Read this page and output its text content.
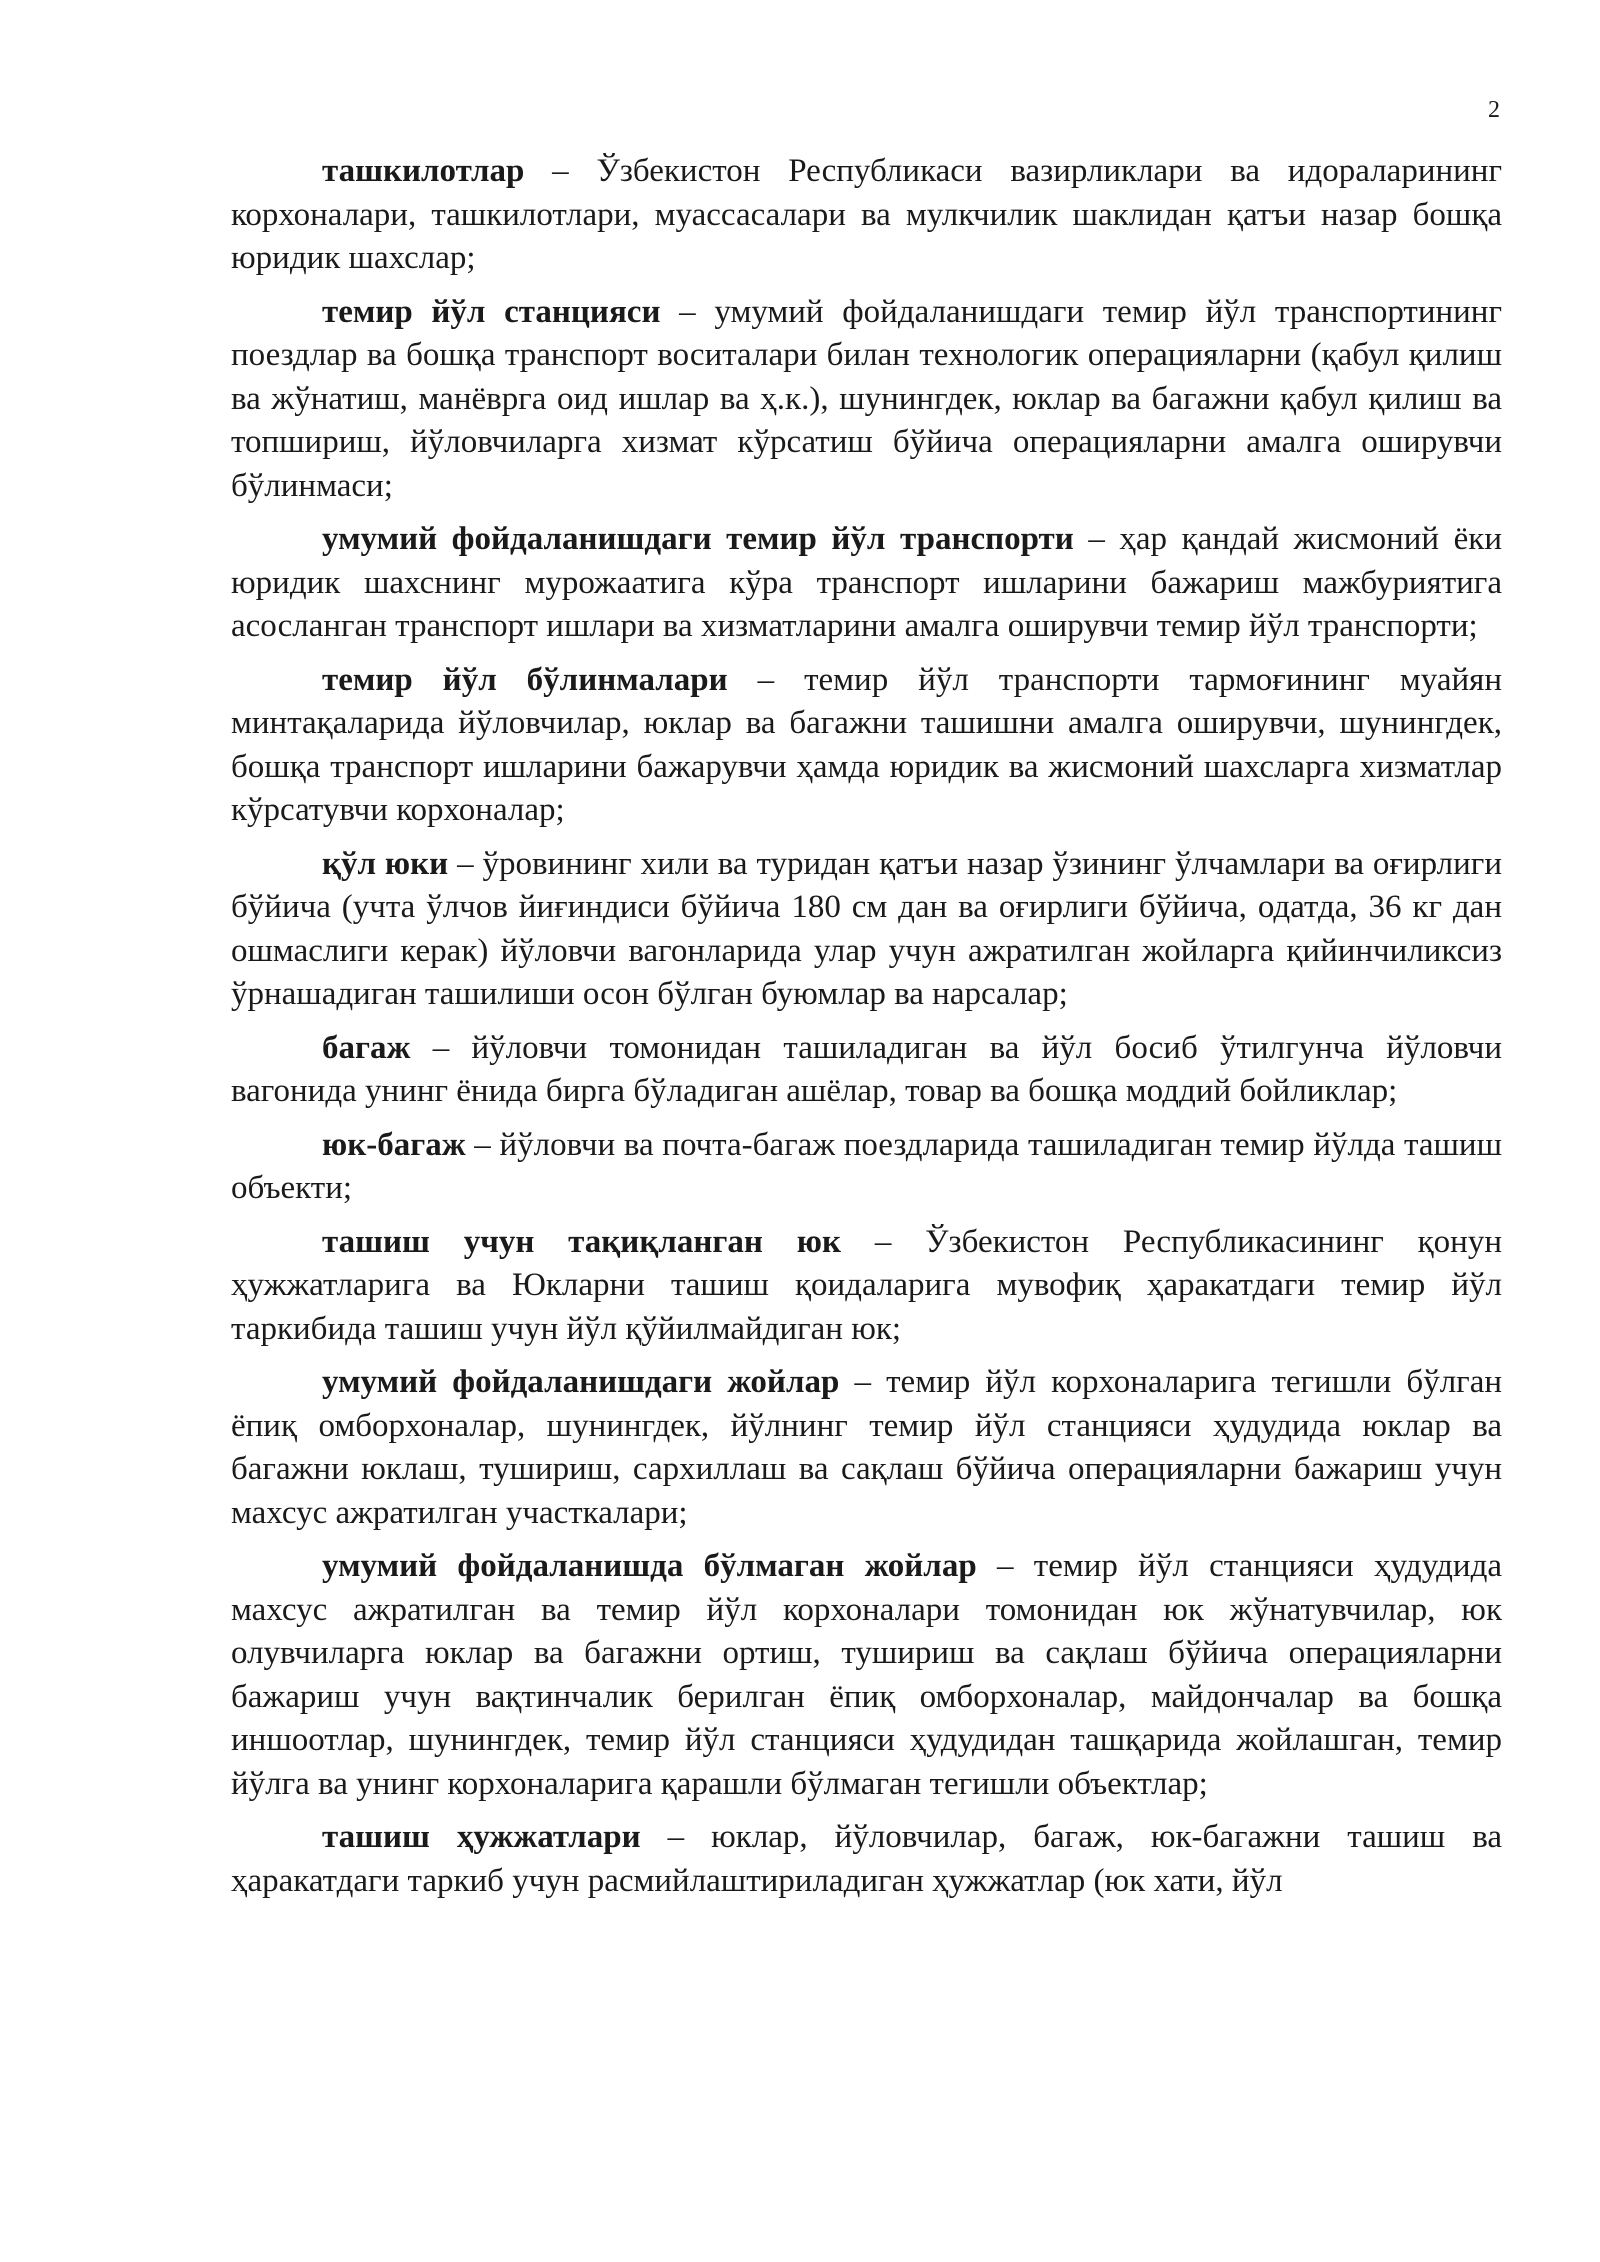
2

ташкилотлар – Ўзбекистон Республикаси вазирликлари ва идораларининг корхоналари, ташкилотлари, муассасалари ва мулкчилик шаклидан қатъи назар бошқа юридик шахслар;

темир йўл станцияси – умумий фойдаланишдаги темир йўл транспортининг поездлар ва бошқа транспорт воситалари билан технологик операцияларни (қабул қилиш ва жўнатиш, манёврга оид ишлар ва ҳ.к.), шунингдек, юклар ва багажни қабул қилиш ва топшириш, йўловчиларга хизмат кўрсатиш бўйича операцияларни амалга оширувчи бўлинмаси;

умумий фойдаланишдаги темир йўл транспорти – ҳар қандай жисмоний ёки юридик шахснинг мурожаатига кўра транспорт ишларини бажариш мажбуриятига асосланган транспорт ишлари ва хизматларини амалга оширувчи темир йўл транспорти;

темир йўл бўлинмалари – темир йўл транспорти тармоғининг муайян минтақаларида йўловчилар, юклар ва багажни ташишни амалга оширувчи, шунингдек, бошқа транспорт ишларини бажарувчи ҳамда юридик ва жисмоний шахсларга хизматлар кўрсатувчи корхоналар;

қўл юки – ўровининг хили ва туридан қатъи назар ўзининг ўлчамлари ва оғирлиги бўйича (учта ўлчов йиғиндиси бўйича 180 см дан ва оғирлиги бўйича, одатда, 36 кг дан ошмаслиги керак) йўловчи вагонларида улар учун ажратилган жойларга қийинчиликсиз ўрнашадиган ташилиши осон бўлган буюмлар ва нарсалар;

багаж – йўловчи томонидан ташиладиган ва йўл босиб ўтилгунча йўловчи вагонида унинг ёнида бирга бўладиган ашёлар, товар ва бошқа моддий бойликлар;

юк-багаж – йўловчи ва почта-багаж поездларида ташиладиган темир йўлда ташиш объекти;

ташиш учун тақиқланган юк – Ўзбекистон Республикасининг қонун ҳужжатларига ва Юкларни ташиш қоидаларига мувофиқ ҳаракатдаги темир йўл таркибида ташиш учун йўл қўйилмайдиган юк;

умумий фойдаланишдаги жойлар – темир йўл корхоналарига тегишли бўлган ёпиқ омборхоналар, шунингдек, йўлнинг темир йўл станцияси ҳудудида юклар ва багажни юклаш, тушириш, сархиллаш ва сақлаш бўйича операцияларни бажариш учун махсус ажратилган участкалари;

умумий фойдаланишда бўлмаган жойлар – темир йўл станцияси ҳудудида махсус ажратилган ва темир йўл корхоналари томонидан юк жўнатувчилар, юк олувчиларга юклар ва багажни ортиш, тушириш ва сақлаш бўйича операцияларни бажариш учун вақтинчалик берилган ёпиқ омборхоналар, майдончалар ва бошқа иншоотлар, шунингдек, темир йўл станцияси ҳудудидан ташқарида жойлашган, темир йўлга ва унинг корхоналарига қарашли бўлмаган тегишли объектлар;

ташиш ҳужжатлари – юклар, йўловчилар, багаж, юк-багажни ташиш ва ҳаракатдаги таркиб учун расмийлаштириладиган ҳужжатлар (юк хати, йўл
